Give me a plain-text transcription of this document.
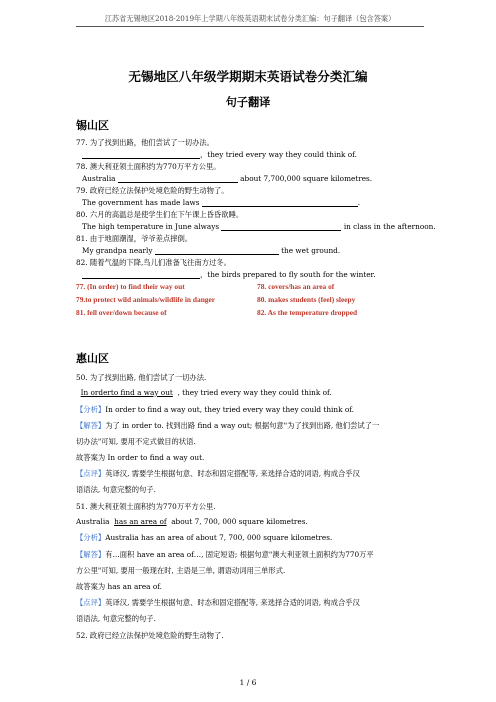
江苏省无锡地区2018-2019年上学期八年级英语期末试卷分类汇编：句子翻译（包含答案）
无锡地区八年级学期期末英语试卷分类汇编
句子翻译
锡山区
77. 为了找到出路，他们尝试了一切办法。
，they tried every way they could think of.
78. 澳大利亚领土面积约为770万平方公里。
Australia	about 7,700,000 square kilometres.
79. 政府已经立法保护处境危险的野生动物了。
The government has made laws	.
80. 六月的高温总是使学生们在下午课上昏昏欲睡。
The high temperature in June always	in class in the afternoon.
81. 由于地面潮湿，爷爷差点摔倒。
My grandpa nearly	the wet ground.
82. 随着气温的下降,鸟儿们准备飞往南方过冬。
，the birds prepared to fly south for the winter.
77. (In order) to find their way out	78. covers/has an area of
79.to protect wild animals/wildlife in danger	80. makes students (feel) sleepy
81. fell over/down because of	82. As the temperature dropped
惠山区
50. 为了找到出路, 他们尝试了一切办法.
In orderto find a way out , they tried every way they could think of.
【分析】In order to find a way out, they tried every way they could think of.
【解答】为了 in order to. 找到出路 find a way out; 根据句意"为了找到出路, 他们尝试了一
切办法"可知, 要用不定式做目的状语.
故答案为 In order to find a way out.
【点评】英译汉, 需要学生根据句意、时态和固定搭配等, 来选择合适的词语, 构成合乎汉
语语法, 句意完整的句子.
51. 澳大利亚领土面积约为770万平方公里.
Australia has an area of about 7, 700, 000 square kilometres.
【分析】Australia has an area of about 7, 700, 000 square kilometres.
【解答】有…面积 have an area of…, 固定短语; 根据句意"澳大利亚领土面积约为770万平
方公里"可知, 要用一般现在时, 主语是三单, 谓语动词用三单形式.
故答案为 has an area of.
【点评】英译汉, 需要学生根据句意、时态和固定搭配等, 来选择合适的词语, 构成合乎汉
语语法, 句意完整的句子.
52. 政府已经立法保护处境危险的野生动物了.
1 / 6
